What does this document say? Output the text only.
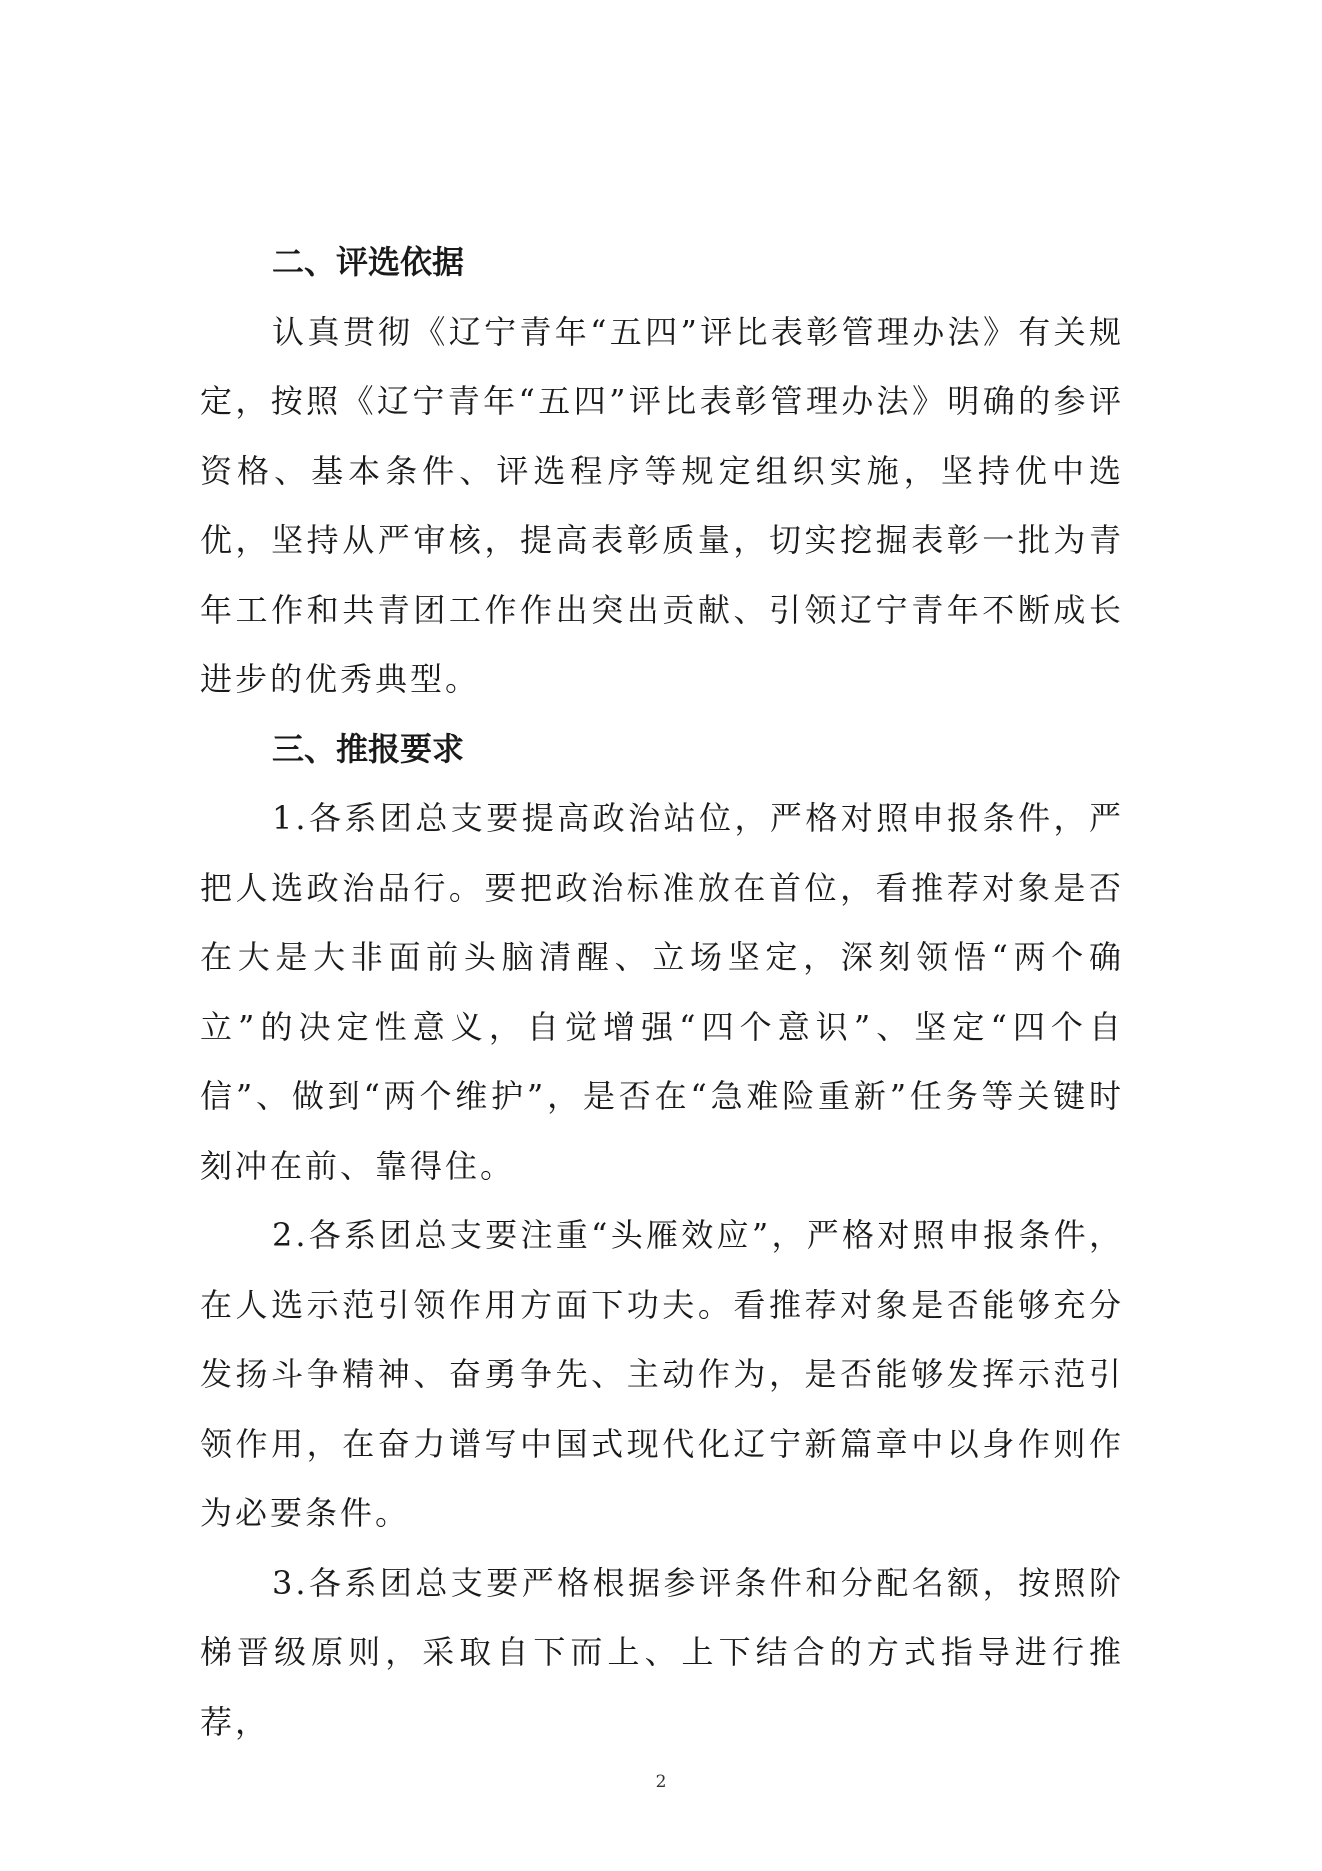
二、评选依据

认真贯彻《辽宁青年“五四”评比表彰管理办法》有关规定，按照《辽宁青年“五四”评比表彰管理办法》明确的参评资格、基本条件、评选程序等规定组织实施，坚持优中选优，坚持从严审核，提高表彰质量，切实挖掘表彰一批为青年工作和共青团工作作出突出贡献、引领辽宁青年不断成长进步的优秀典型。

三、推报要求

1.各系团总支要提高政治站位，严格对照申报条件，严把人选政治品行。要把政治标准放在首位，看推荐对象是否在大是大非面前头脑清醒、立场坚定，深刻领悟“两个确立”的决定性意义，自觉增强“四个意识”、坚定“四个自信”、做到“两个维护”，是否在“急难险重新”任务等关键时刻冲在前、靠得住。

2.各系团总支要注重“头雁效应”，严格对照申报条件，在人选示范引领作用方面下功夫。看推荐对象是否能够充分发扬斗争精神、奋勇争先、主动作为，是否能够发挥示范引领作用，在奋力谱写中国式现代化辽宁新篇章中以身作则作为必要条件。

3.各系团总支要严格根据参评条件和分配名额，按照阶梯晋级原则，采取自下而上、上下结合的方式指导进行推荐，

2
